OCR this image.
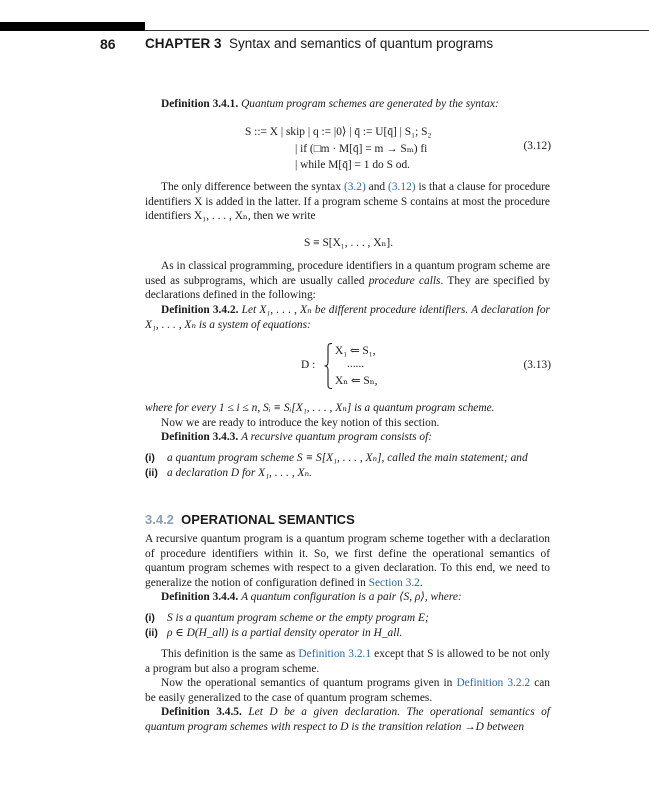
86 CHAPTER 3 Syntax and semantics of quantum programs

Definition 3.4.1. Quantum program schemes are generated by the syntax:

S ::= X | skip | q := |0⟩ | q̄ := U[q̄] | S₁; S₂
| if (□m · M[q̄] = m → Sₘ) fi
| while M[q̄] = 1 do S od.
(3.12)

The only difference between the syntax (3.2) and (3.12) is that a clause for procedure identifiers X is added in the latter. If a program scheme S contains at most the procedure identifiers X₁, . . . , Xₙ, then we write

S ≡ S[X₁, . . . , Xₙ].

As in classical programming, procedure identifiers in a quantum program scheme are used as subprograms, which are usually called procedure calls. They are specified by declarations defined in the following:

Definition 3.4.2. Let X₁, . . . , Xₙ be different procedure identifiers. A declaration for X₁, . . . , Xₙ is a system of equations:

D :
X₁ ⇐ S₁,
......
Xₙ ⇐ Sₙ,
(3.13)

where for every 1 ≤ i ≤ n, Sᵢ ≡ Sᵢ[X₁, . . . , Xₙ] is a quantum program scheme.

Now we are ready to introduce the key notion of this section.

Definition 3.4.3. A recursive quantum program consists of:

(i) a quantum program scheme S ≡ S[X₁, . . . , Xₙ], called the main statement; and
(ii) a declaration D for X₁, . . . , Xₙ.
3.4.2 OPERATIONAL SEMANTICS

A recursive quantum program is a quantum program scheme together with a declaration of procedure identifiers within it. So, we first define the operational semantics of quantum program schemes with respect to a given declaration. To this end, we need to generalize the notion of configuration defined in Section 3.2.

Definition 3.4.4. A quantum configuration is a pair ⟨S, ρ⟩, where:

(i) S is a quantum program scheme or the empty program E;
(ii) ρ ∈ D(H_all) is a partial density operator in H_all.

This definition is the same as Definition 3.2.1 except that S is allowed to be not only a program but also a program scheme.

Now the operational semantics of quantum programs given in Definition 3.2.2 can be easily generalized to the case of quantum program schemes.

Definition 3.4.5. Let D be a given declaration. The operational semantics of quantum program schemes with respect to D is the transition relation →D between
